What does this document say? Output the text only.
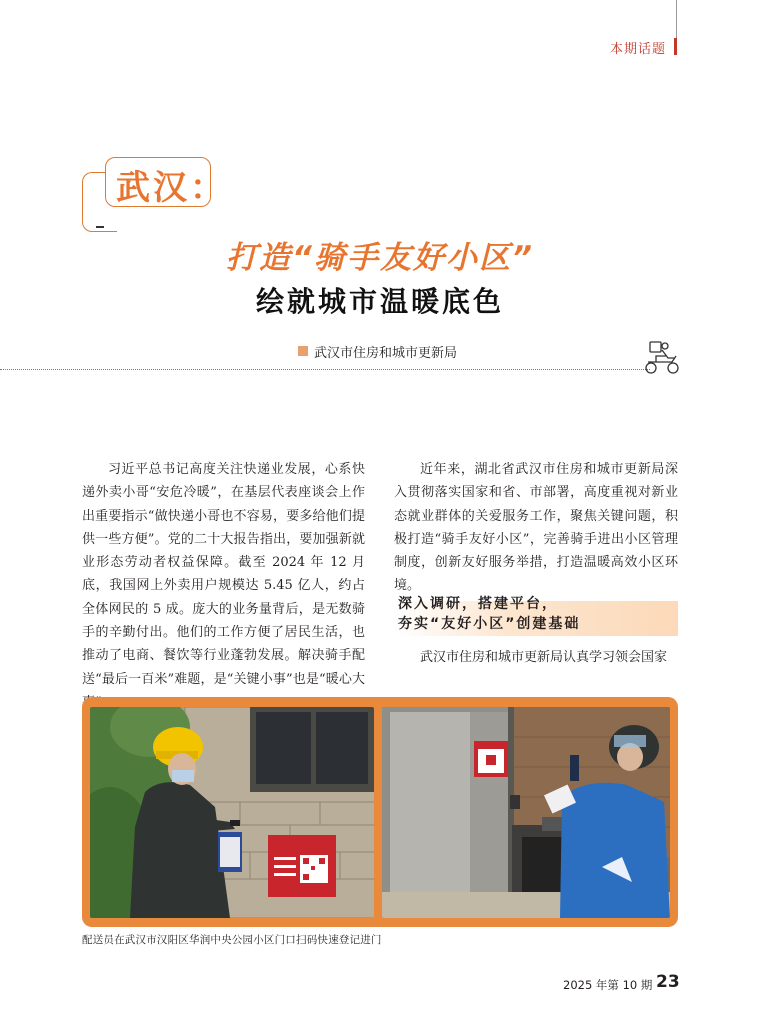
本期话题
武汉：
打造“骑手友好小区”
绘就城市温暖底色
武汉市住房和城市更新局

习近平总书记高度关注快递业发展，心系快递外卖小哥“安危冷暖”，在基层代表座谈会上作出重要指示“做快递小哥也不容易，要多给他们提供一些方便”。党的二十大报告指出，要加强新就业形态劳动者权益保障。截至 2024 年 12 月底，我国网上外卖用户规模达 5.45 亿人，约占全体网民的 5 成。庞大的业务量背后，是无数骑手的辛勤付出。他们的工作方便了居民生活，也推动了电商、餐饮等行业蓬勃发展。解决骑手配送“最后一百米”难题，是“关键小事”也是“暖心大

近年来，湖北省武汉市住房和城市更新局深入贯彻落实国家和省、市部署，高度重视对新业态就业群体的关爱服务工作，聚焦关键问题，积极打造“骑手友好小区”，完善骑手进出小区管理制度，创新友好服务举措，打造温暖高效小区环境。

深入调研，搭建平台，
夯实“友好小区”创建基础

武汉市住房和城市更新局认真学习领会国家

配送员在武汉市汉阳区华润中央公园小区门口扫码快速登记进门
2025 年第 10 期 23
